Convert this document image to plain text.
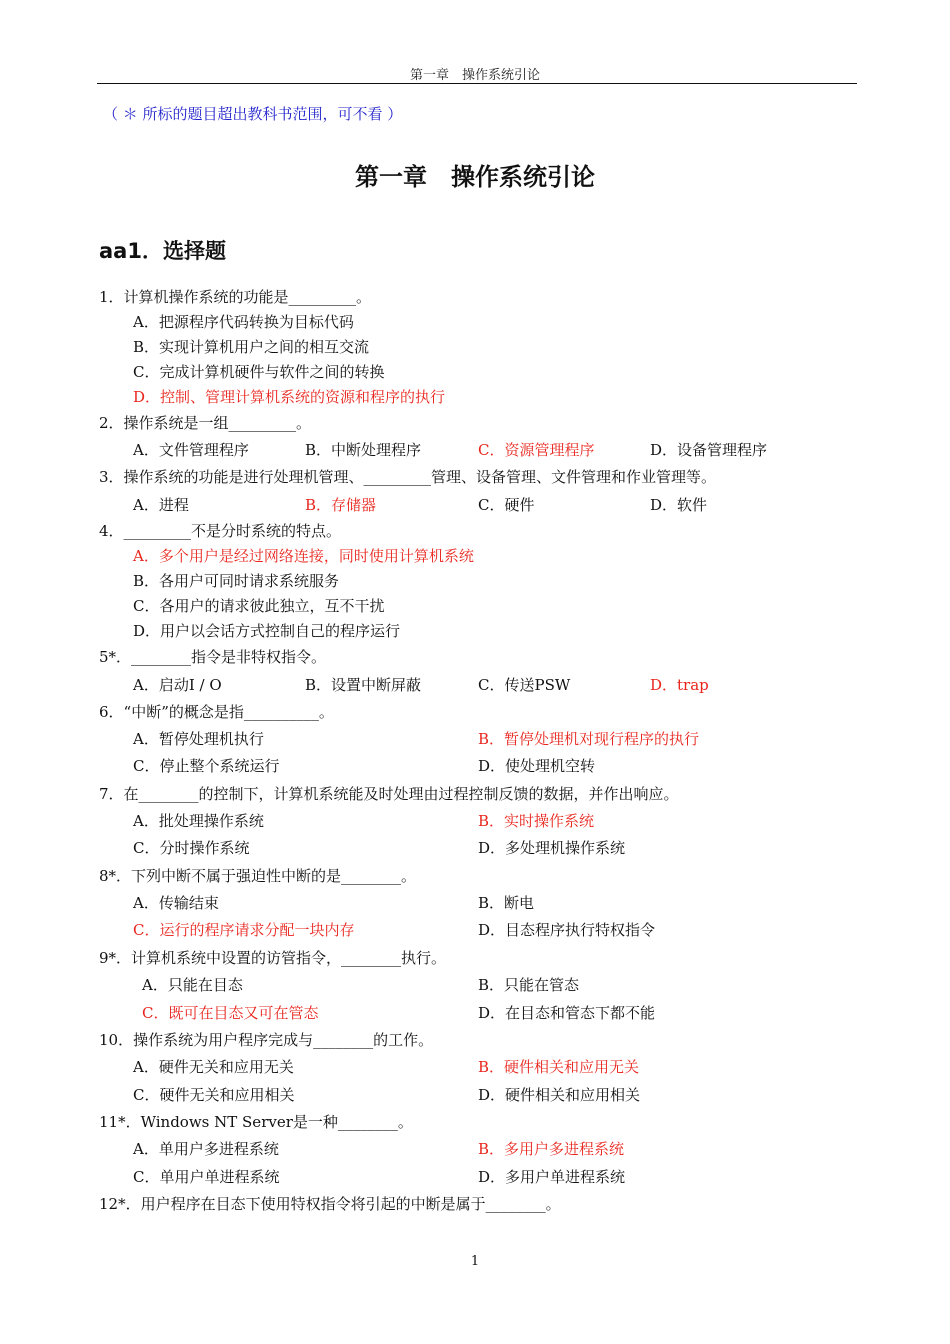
第一章　操作系统引论
（ ＊ 所标的题目超出教科书范围，可不看 ）
第一章　操作系统引论
aa1．选择题
1．计算机操作系统的功能是_________。
A．把源程序代码转换为目标代码
B．实现计算机用户之间的相互交流
C．完成计算机硬件与软件之间的转换
D．控制、管理计算机系统的资源和程序的执行
2．操作系统是一组_________。
A．文件管理程序	B．中断处理程序	C．资源管理程序	D．设备管理程序
3．操作系统的功能是进行处理机管理、_________管理、设备管理、文件管理和作业管理等。
A．进程	B．存储器	C．硬件	D．软件
4．_________不是分时系统的特点。
A．多个用户是经过网络连接，同时使用计算机系统
B．各用户可同时请求系统服务
C．各用户的请求彼此独立，互不干扰
D．用户以会话方式控制自己的程序运行
5*．________指令是非特权指令。
A．启动I / O	B．设置中断屏蔽	C．传送PSW	D．trap
6．“中断”的概念是指__________。
A．暂停处理机执行	B．暂停处理机对现行程序的执行
C．停止整个系统运行	D．使处理机空转
7．在________的控制下，计算机系统能及时处理由过程控制反馈的数据，并作出响应。
A．批处理操作系统	B．实时操作系统
C．分时操作系统	D．多处理机操作系统
8*．下列中断不属于强迫性中断的是________。
A．传输结束	B．断电
C．运行的程序请求分配一块内存	D．目态程序执行特权指令
9*．计算机系统中设置的访管指令，________执行。
A．只能在目态	B．只能在管态
C．既可在目态又可在管态	D．在目态和管态下都不能
10．操作系统为用户程序完成与________的工作。
A．硬件无关和应用无关	B．硬件相关和应用无关
C．硬件无关和应用相关	D．硬件相关和应用相关
11*．Windows NT Server是一种________。
A．单用户多进程系统	B．多用户多进程系统
C．单用户单进程系统	D．多用户单进程系统
12*．用户程序在目态下使用特权指令将引起的中断是属于________。
1
